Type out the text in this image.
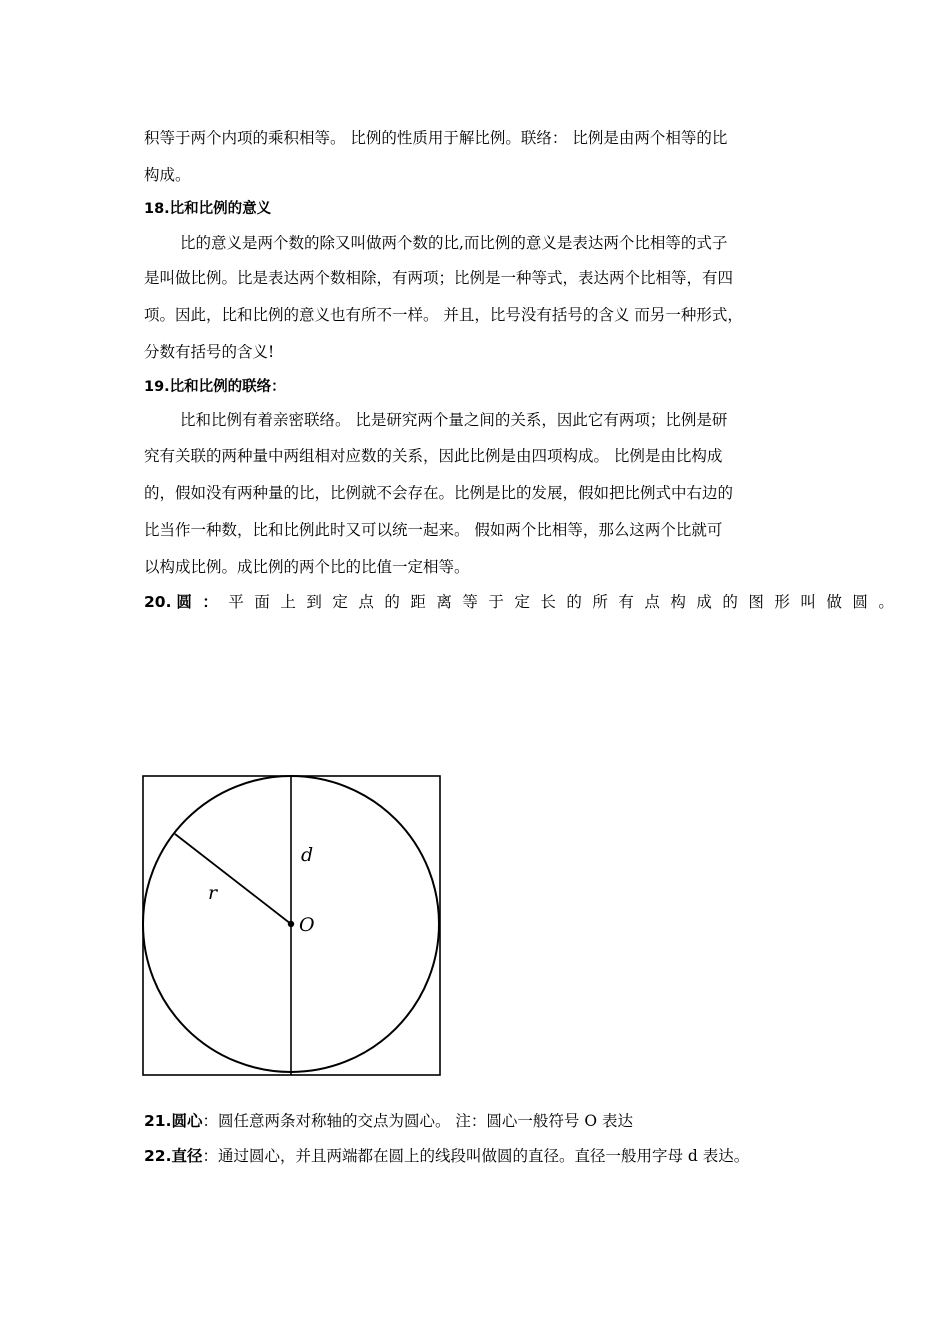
积等于两个内项的乘积相等。 比例的性质用于解比例。联络： 比例是由两个相等的比
构成。
18.比和比例的意义
比的意义是两个数的除又叫做两个数的比,而比例的意义是表达两个比相等的式子
是叫做比例。比是表达两个数相除，有两项；比例是一种等式，表达两个比相等，有四
项。因此，比和比例的意义也有所不一样。 并且，比号没有括号的含义 而另一种形式，
分数有括号的含义!
19.比和比例的联络：
比和比例有着亲密联络。 比是研究两个量之间的关系，因此它有两项；比例是研
究有关联的两种量中两组相对应数的关系，因此比例是由四项构成。 比例是由比构成
的，假如没有两种量的比，比例就不会存在。比例是比的发展，假如把比例式中右边的
比当作一种数，比和比例此时又可以统一起来。 假如两个比相等，那么这两个比就可
以构成比例。成比例的两个比的比值一定相等。
20. 圆：平面上到定点的距离等于定长的所有点构成的图形叫做圆。
d
r
O
21.圆心：圆任意两条对称轴的交点为圆心。 注：圆心一般符号 O 表达
22.直径：通过圆心，并且两端都在圆上的线段叫做圆的直径。直径一般用字母 d 表达。
